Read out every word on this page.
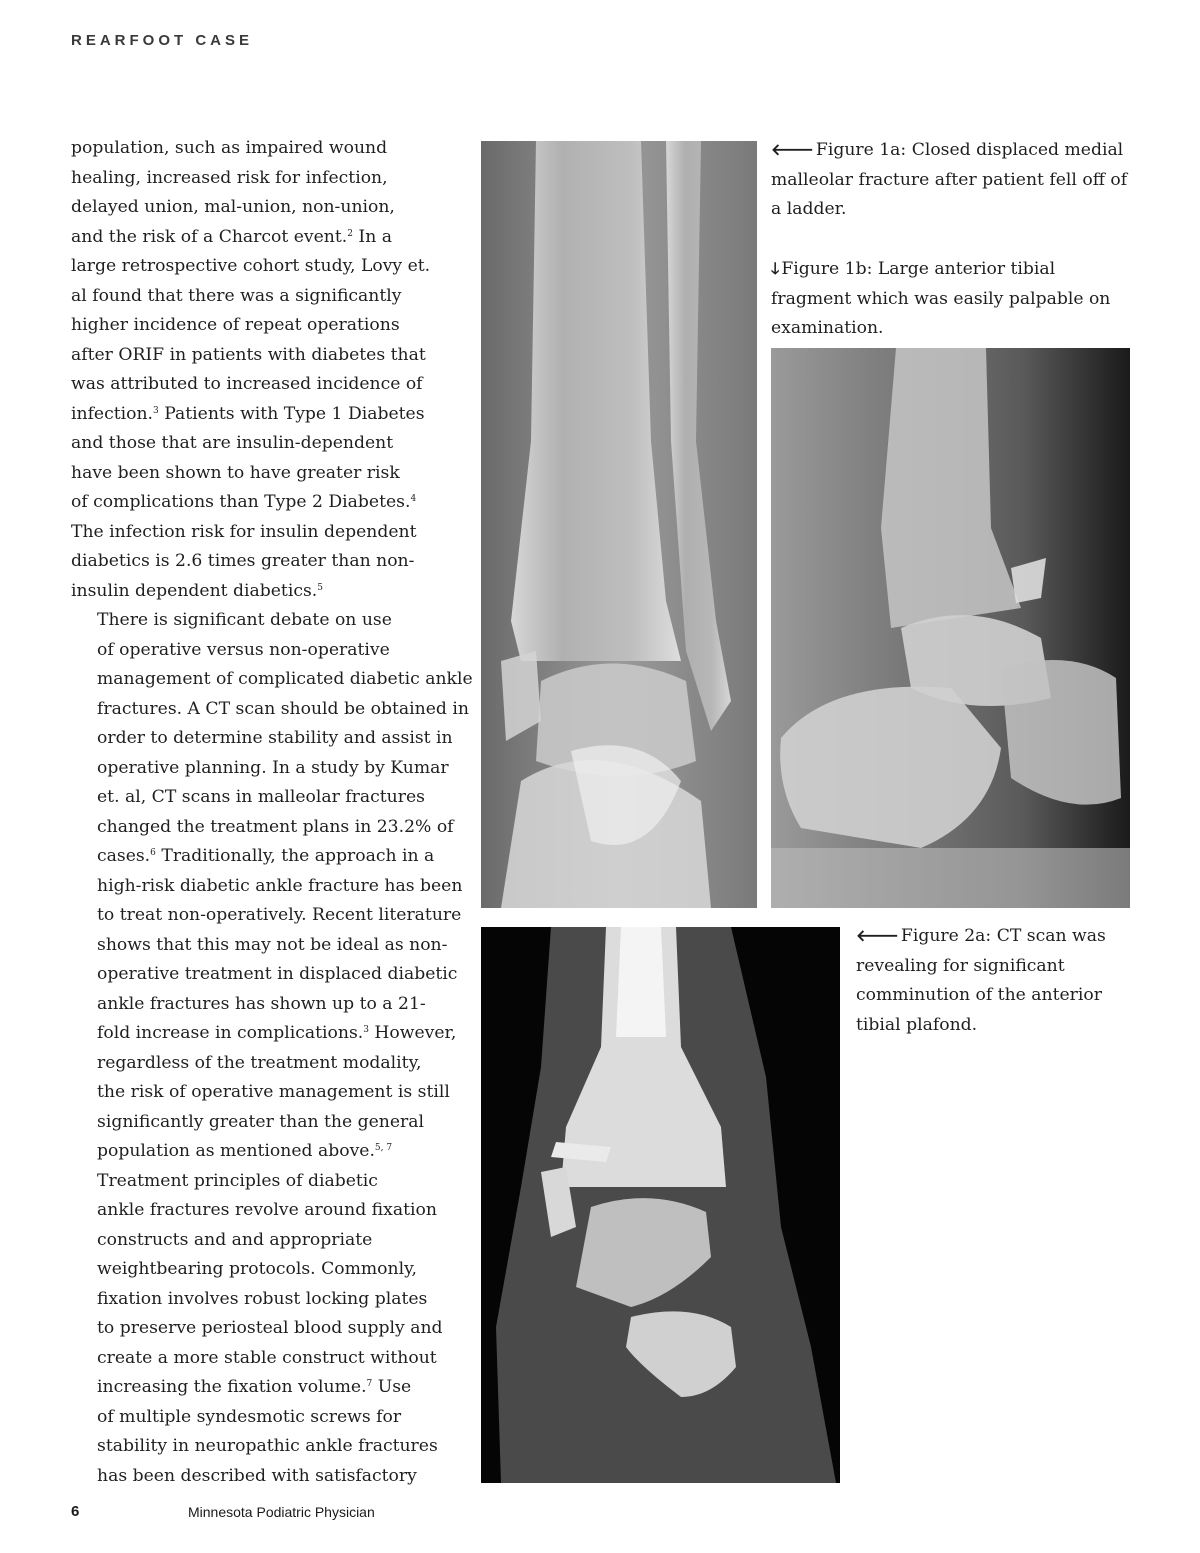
REARFOOT CASE

population, such as impaired wound
healing, increased risk for infection,
delayed union, mal-union, non-union,
and the risk of a Charcot event.$^2$ In a
large retrospective cohort study, Lovy et.
al found that there was a significantly
higher incidence of repeat operations
after ORIF in patients with diabetes that
was attributed to increased incidence of
infection.$^3$ Patients with Type 1 Diabetes
and those that are insulin-dependent
have been shown to have greater risk
of complications than Type 2 Diabetes.$^4$
The infection risk for insulin dependent
diabetics is 2.6 times greater than non-
insulin dependent diabetics.$^5$

There is significant debate on use
of operative versus non-operative
management of complicated diabetic ankle
fractures. A CT scan should be obtained in
order to determine stability and assist in
operative planning. In a study by Kumar
et. al, CT scans in malleolar fractures
changed the treatment plans in 23.2% of
cases.$^6$ Traditionally, the approach in a
high-risk diabetic ankle fracture has been
to treat non-operatively. Recent literature
shows that this may not be ideal as non-
operative treatment in displaced diabetic
ankle fractures has shown up to a 21-
fold increase in complications.$^3$ However,
regardless of the treatment modality,
the risk of operative management is still
significantly greater than the general
population as mentioned above.$^{5, 7}$

Treatment principles of diabetic
ankle fractures revolve around fixation
constructs and and appropriate
weightbearing protocols. Commonly,
fixation involves robust locking plates
to preserve periosteal blood supply and
create a more stable construct without
increasing the fixation volume.$^7$ Use
of multiple syndesmotic screws for
stability in neuropathic ankle fractures
has been described with satisfactory

🡐 Figure 1a: Closed displaced medial malleolar fracture after patient fell off of a ladder.
🡓 Figure 1b: Large anterior tibial fragment which was easily palpable on examination.
🡐 Figure 2a: CT scan was revealing for significant comminution of the anterior tibial plafond.
6	Minnesota Podiatric Physician
